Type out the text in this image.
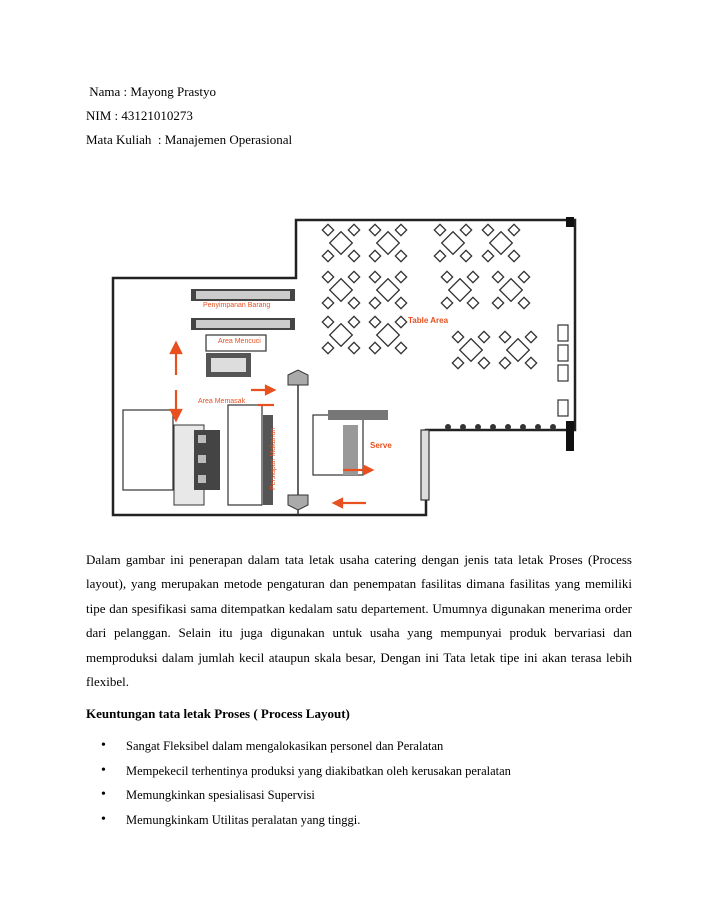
Nama : Mayong Prastyo
NIM : 43121010273
Mata Kuliah  : Manajemen Operasional
Penyimpanan Barang
Area Mencuci
Area Memasak
Persiapan Makanan	Serve
Table Area
Dalam gambar ini penerapan dalam tata letak usaha catering dengan jenis tata letak Proses (Process layout), yang merupakan metode pengaturan dan penempatan fasilitas dimana fasilitas yang memiliki tipe dan spesifikasi sama ditempatkan kedalam satu departement. Umumnya digunakan menerima order dari pelanggan. Selain itu juga digunakan untuk usaha yang mempunyai produk bervariasi dan memproduksi dalam jumlah kecil ataupun skala besar, Dengan ini Tata letak tipe ini akan terasa lebih flexibel.
Keuntungan tata letak Proses ( Process Layout)
• Sangat Fleksibel dalam mengalokasikan personel dan Peralatan
• Mempekecil terhentinya produksi yang diakibatkan oleh kerusakan peralatan
• Memungkinkan spesialisasi Supervisi
• Memungkinkam Utilitas peralatan yang tinggi.
